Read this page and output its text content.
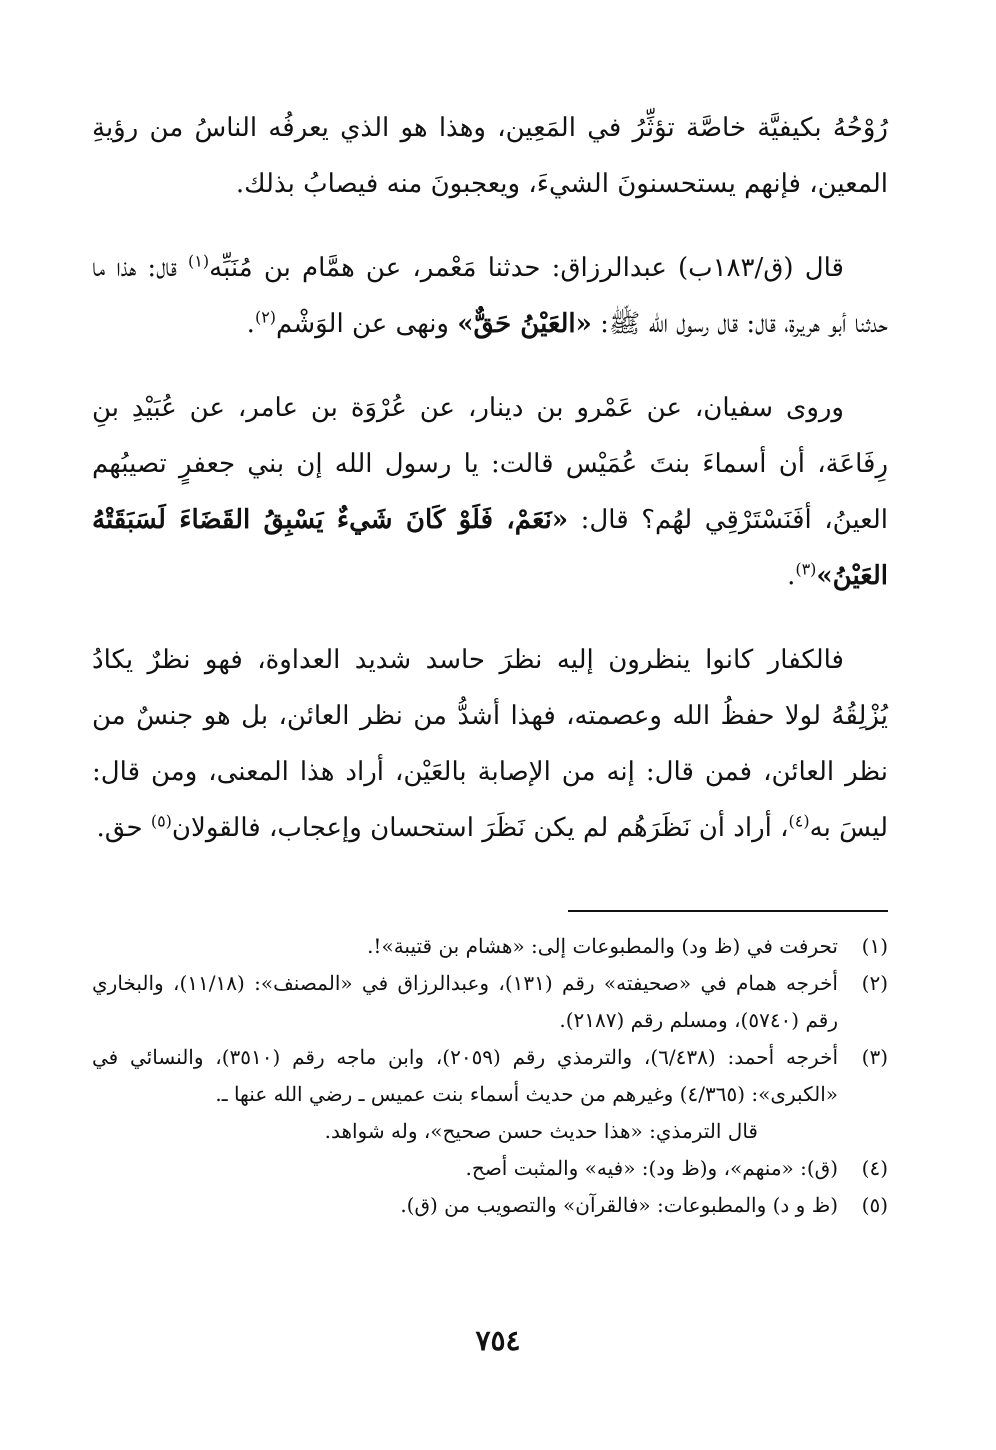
رُوْحُهُ بكيفيَّة خاصَّة تؤثِّرُ في المَعِين، وهذا هو الذي يعرفُه الناسُ من رؤيةِ المعين، فإنهم يستحسنونَ الشيءَ، ويعجبونَ منه فيصابُ بذلك.

قال (ق/١٨٣ب) عبدالرزاق: حدثنا مَعْمر، عن همَّام بن مُنَبِّه$^{(١)}$ قال: هذا ما حدثنا أبو هريرة، قال: قال رسول الله ﷺ: «العَيْنُ حَقٌّ» ونهى عن الوَشْم$^{(٢)}$.

وروى سفيان، عن عَمْرو بن دينار، عن عُرْوَة بن عامر، عن عُبَيْدِ بنِ رِفَاعَة، أن أسماءَ بنتَ عُمَيْس قالت: يا رسول الله إن بني جعفرٍ تصيبُهم العينُ، أفَنَسْتَرْقِي لهُم؟ قال: «نَعَمْ، فَلَوْ كَانَ شَيءٌ يَسْبِقُ القَضَاءَ لَسَبَقَتْهُ العَيْنُ»$^{(٣)}$.

فالكفار كانوا ينظرون إليه نظرَ حاسد شديد العداوة، فهو نظرٌ يكادُ يُزْلِقُهُ لولا حفظُ الله وعصمته، فهذا أشدُّ من نظر العائن، بل هو جنسٌ من نظر العائن، فمن قال: إنه من الإصابة بالعَيْن، أراد هذا المعنى، ومن قال: ليسَ به$^{(٤)}$، أراد أن نَظَرَهُم لم يكن نَظَرَ استحسان وإعجاب، فالقولان$^{(٥)}$ حق.

(١)
تحرفت في (ظ ود) والمطبوعات إلى: «هشام بن قتيبة»!.
(٢)
أخرجه همام في «صحيفته» رقم (١٣١)، وعبدالرزاق في «المصنف»: (١١/١٨)، والبخاري رقم (٥٧٤٠)، ومسلم رقم (٢١٨٧).
(٣)
أخرجه أحمد: (٦/٤٣٨)، والترمذي رقم (٢٠٥٩)، وابن ماجه رقم (٣٥١٠)، والنسائي في «الكبرى»: (٤/٣٦٥) وغيرهم من حديث أسماء بنت عميس ـ رضي الله عنها ـ.
قال الترمذي: «هذا حديث حسن صحيح»، وله شواهد.
(٤)
(ق): «منهم»، و(ظ ود): «فيه» والمثبت أصح.
(٥)
(ظ و د) والمطبوعات: «فالقرآن» والتصويب من (ق).
٧٥٤
